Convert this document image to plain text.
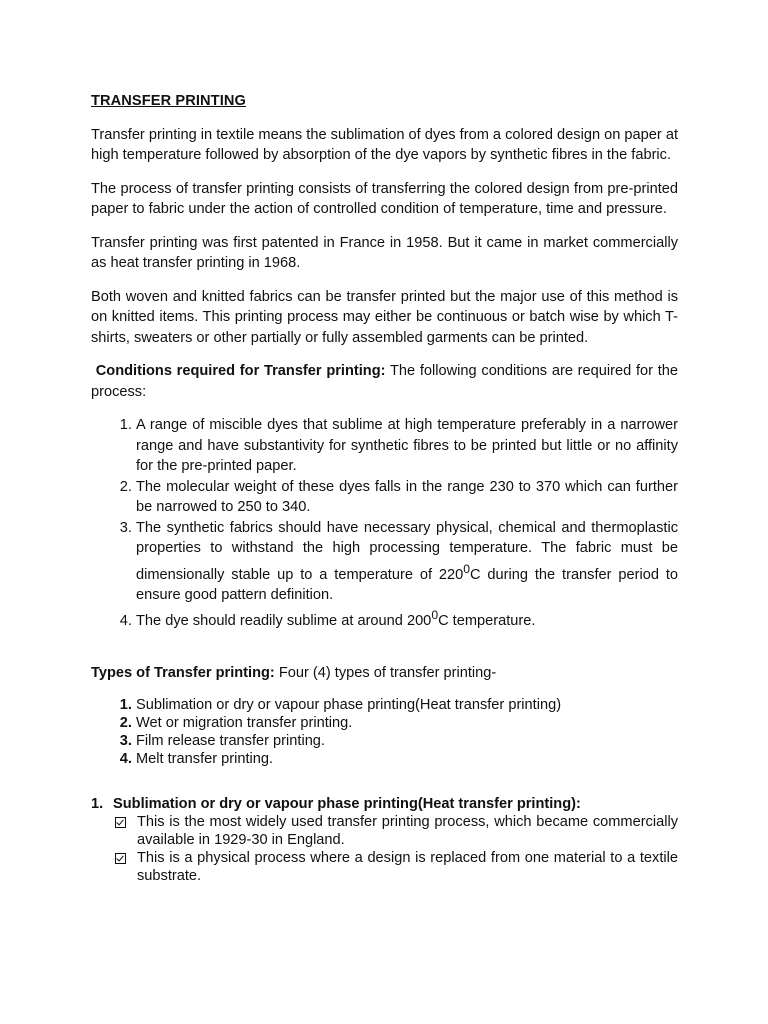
TRANSFER PRINTING

Transfer printing in textile means the sublimation of dyes from a colored design on paper at high temperature followed by absorption of the dye vapors by synthetic fibres in the fabric.

The process of transfer printing consists of transferring the colored design from pre-printed paper to fabric under the action of controlled condition of temperature, time and pressure.

Transfer printing was first patented in France in 1958. But it came in market commercially as heat transfer printing in 1968.

Both woven and knitted fabrics can be transfer printed but the major use of this method is on knitted items. This printing process may either be continuous or batch wise by which T-shirts, sweaters or other partially or fully assembled garments can be printed.

Conditions required for Transfer printing: The following conditions are required for the process:

1. A range of miscible dyes that sublime at high temperature preferably in a narrower range and have substantivity for synthetic fibres to be printed but little or no affinity for the pre-printed paper.
2. The molecular weight of these dyes falls in the range 230 to 370 which can further be narrowed to 250 to 340.
3. The synthetic fabrics should have necessary physical, chemical and thermoplastic properties to withstand the high processing temperature. The fabric must be dimensionally stable up to a temperature of $220^0C$ during the transfer period to ensure good pattern definition.
4. The dye should readily sublime at around $200^0C$ temperature.

Types of Transfer printing: Four (4) types of transfer printing-

1. Sublimation or dry or vapour phase printing(Heat transfer printing)
2. Wet or migration transfer printing.
3. Film release transfer printing.
4. Melt transfer printing.
1. Sublimation or dry or vapour phase printing(Heat transfer printing):
This is the most widely used transfer printing process, which became commercially available in 1929-30 in England.
This is a physical process where a design is replaced from one material to a textile substrate.
